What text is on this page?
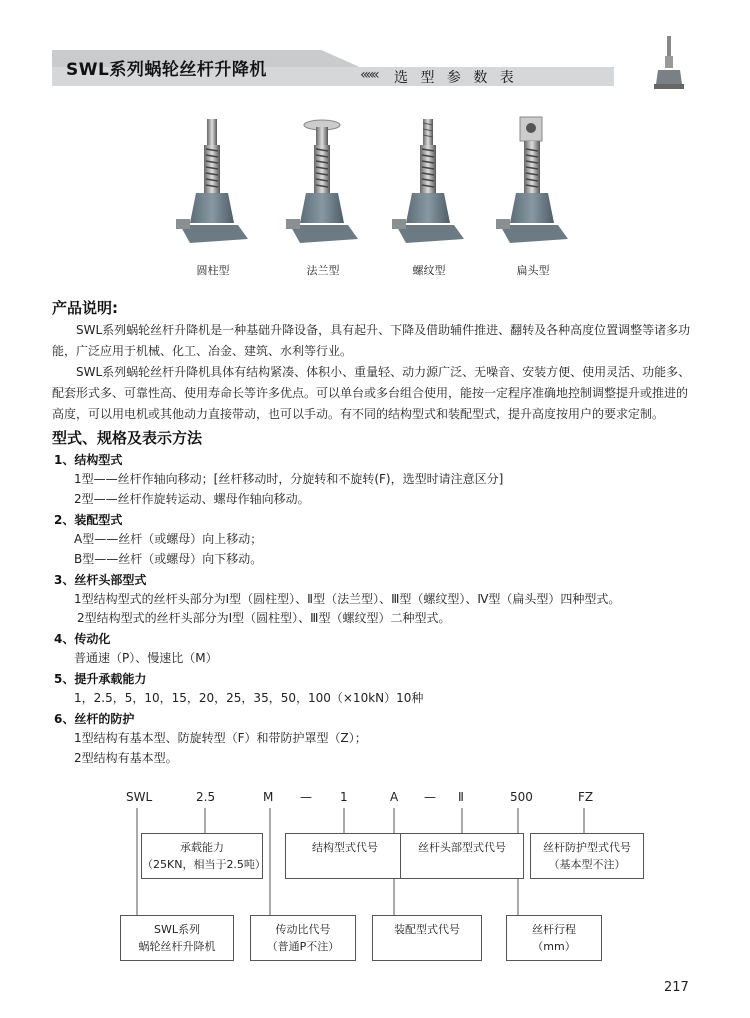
SWL系列蜗轮丝杆升降机	««« 选 型 参 数 表
圆柱型	法兰型	螺纹型	扁头型
产品说明:
SWL系列蜗轮丝杆升降机是一种基础升降设备，具有起升、下降及借助辅件推进、翻转及各种高度位置调整等诸多功能，广泛应用于机械、化工、冶金、建筑、水利等行业。
SWL系列蜗轮丝杆升降机具体有结构紧凑、体积小、重量轻、动力源广泛、无噪音、安装方便、使用灵活、功能多、配套形式多、可靠性高、使用寿命长等许多优点。可以单台或多台组合使用，能按一定程序准确地控制调整提升或推进的高度，可以用电机或其他动力直接带动，也可以手动。有不同的结构型式和装配型式，提升高度按用户的要求定制。
型式、规格及表示方法
1、结构型式
1型——丝杆作轴向移动；[丝杆移动时，分旋转和不旋转(F)，选型时请注意区分]
2型——丝杆作旋转运动、螺母作轴向移动。
2、装配型式
A型——丝杆（或螺母）向上移动；
B型——丝杆（或螺母）向下移动。
3、丝杆头部型式
1型结构型式的丝杆头部分为Ⅰ型（圆柱型）、Ⅱ型（法兰型）、Ⅲ型（螺纹型）、Ⅳ型（扁头型）四种型式。
2型结构型式的丝杆头部分为Ⅰ型（圆柱型）、Ⅲ型（螺纹型）二种型式。
4、传动化
普通速（P）、慢速比（M）
5、提升承载能力
1，2.5，5，10，15，20，25，35，50，100（×10kN）10种
6、丝杆的防护
1型结构有基本型、防旋转型（F）和带防护罩型（Z）；
2型结构有基本型。
SWL	2.5	M — 1	A — Ⅱ	500	FZ
承载能力
（25KN，相当于2.5吨）
结构型式代号	丝杆头部型式代号	丝杆防护型式代号
（基本型不注）
SWL系列
蜗轮丝杆升降机
传动比代号
（普通P不注）
装配型式代号	丝杆行程
（mm）
217
